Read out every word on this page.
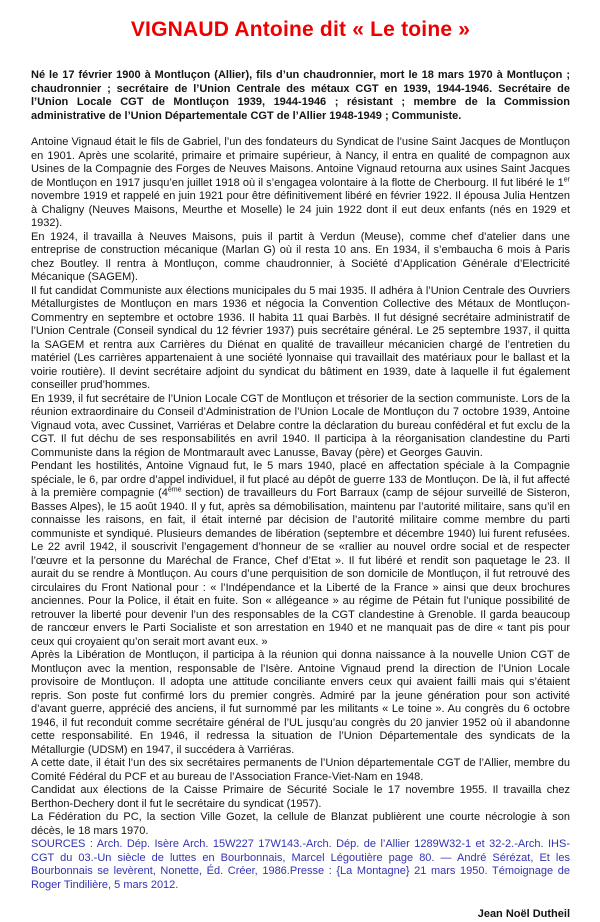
VIGNAUD Antoine dit « Le toine »

Né le 17 février 1900 à Montluçon (Allier), fils d’un chaudronnier, mort le 18 mars 1970 à Montluçon ; chaudronnier ; secrétaire de l’Union Centrale des métaux CGT en 1939, 1944-1946. Secrétaire de l’Union Locale CGT de Montluçon 1939, 1944-1946 ; résistant ; membre de la Commission administrative de l’Union Départementale CGT de l’Allier 1948-1949 ; Communiste.

Antoine Vignaud était le fils de Gabriel, l’un des fondateurs du Syndicat de l’usine Saint Jacques de Montluçon en 1901. Après une scolarité, primaire et primaire supérieur, à Nancy, il entra en qualité de compagnon aux Usines de la Compagnie des Forges de Neuves Maisons. Antoine Vignaud retourna aux usines Saint Jacques de Montluçon en 1917 jusqu’en juillet 1918 où il s’engagea volontaire à la flotte de Cherbourg. Il fut libéré le 1er novembre 1919 et rappelé en juin 1921 pour être définitivement libéré en février 1922. Il épousa Julia Hentzen à Chaligny (Neuves Maisons, Meurthe et Moselle) le 24 juin 1922 dont il eut deux enfants (nés en 1929 et 1932).

En 1924, il travailla à Neuves Maisons, puis il partit à Verdun (Meuse), comme chef d’atelier dans une entreprise de construction mécanique (Marlan G) où il resta 10 ans. En 1934, il s’embaucha 6 mois à Paris chez Boutley. Il rentra à Montluçon, comme chaudronnier, à Société d’Application Générale d’Electricité Mécanique (SAGEM).

Il fut candidat Communiste aux élections municipales du 5 mai 1935. Il adhéra à l’Union Centrale des Ouvriers Métallurgistes de Montluçon en mars 1936 et négocia la Convention Collective des Métaux de Montluçon-Commentry en septembre et octobre 1936. Il habita 11 quai Barbès. Il fut désigné secrétaire administratif de l’Union Centrale (Conseil syndical du 12 février 1937) puis secrétaire général. Le 25 septembre 1937, il quitta la SAGEM et rentra aux Carrières du Diénat en qualité de travailleur mécanicien chargé de l’entretien du matériel (Les carrières appartenaient à une société lyonnaise qui travaillait des matériaux pour le ballast et la voirie routière). Il devint secrétaire adjoint du syndicat du bâtiment en 1939, date à laquelle il fut également conseiller prud’hommes.

En 1939, il fut secrétaire de l’Union Locale CGT de Montluçon et trésorier de la section communiste. Lors de la réunion extraordinaire du Conseil d’Administration de l’Union Locale de Montluçon du 7 octobre 1939, Antoine Vignaud vota, avec Cussinet, Varriéras et Delabre contre la déclaration du bureau confédéral et fut exclu de la CGT. Il fut déchu de ses responsabilités en avril 1940. Il participa à la réorganisation clandestine du Parti Communiste dans la région de Montmarault avec Lanusse, Bavay (père) et Georges Gauvin.

Pendant les hostilités, Antoine Vignaud fut, le 5 mars 1940, placé en affectation spéciale à la Compagnie spéciale, le 6, par ordre d’appel individuel, il fut placé au dépôt de guerre 133 de Montluçon. De là, il fut affecté à la première compagnie (4ème section) de travailleurs du Fort Barraux (camp de séjour surveillé de Sisteron, Basses Alpes), le 15 août 1940. Il y fut, après sa démobilisation, maintenu par l’autorité militaire, sans qu’il en connaisse les raisons, en fait, il était interné par décision de l’autorité militaire comme membre du parti communiste et syndiqué. Plusieurs demandes de libération (septembre et décembre 1940) lui furent refusées. Le 22 avril 1942, il souscrivit l’engagement d’honneur de se «rallier au nouvel ordre social et de respecter l’œuvre et la personne du Maréchal de France, Chef d’Etat ». Il fut libéré et rendit son paquetage le 23. Il aurait du se rendre à Montluçon. Au cours d’une perquisition de son domicile de Montluçon, il fut retrouvé des circulaires du Front National pour : « l’Indépendance et la Liberté de la France » ainsi que deux brochures anciennes. Pour la Police, il était en fuite. Son « allégeance » au régime de Pétain fut l’unique possibilité de retrouver la liberté pour devenir l’un des responsables de la CGT clandestine à Grenoble. Il garda beaucoup de rancœur envers le Parti Socialiste et son arrestation en 1940 et ne manquait pas de dire « tant pis pour ceux qui croyaient qu’on serait mort avant eux. »

Après la Libération de Montluçon, il participa à la réunion qui donna naissance à la nouvelle Union CGT de Montluçon avec la mention, responsable de l’Isère. Antoine Vignaud prend la direction de l’Union Locale provisoire de Montluçon. Il adopta une attitude conciliante envers ceux qui avaient failli mais qui s’étaient repris. Son poste fut confirmé lors du premier congrès. Admiré par la jeune génération pour son activité d’avant guerre, apprécié des anciens, il fut surnommé par les militants « Le toine ». Au congrès du 6 octobre 1946, il fut reconduit comme secrétaire général de l’UL jusqu’au congrès du 20 janvier 1952 où il abandonne cette responsabilité. En 1946, il redressa la situation de l’Union Départementale des syndicats de la Métallurgie (UDSM) en 1947, il succédera à Varriéras.

A cette date, il était l’un des six secrétaires permanents de l’Union départementale CGT de l’Allier, membre du Comité Fédéral du PCF et au bureau de l’Association France-Viet-Nam en 1948.

Candidat aux élections de la Caisse Primaire de Sécurité Sociale le 17 novembre 1955. Il travailla chez Berthon-Dechery dont il fut le secrétaire du syndicat (1957).

La Fédération du PC, la section Ville Gozet, la cellule de Blanzat publièrent une courte nécrologie à son décès, le 18 mars 1970.

SOURCES : Arch. Dép. Isère Arch. 15W227 17W143.-Arch. Dép. de l’Allier 1289W32-1 et 32-2.-Arch. IHS-CGT du 03.-Un siècle de luttes en Bourbonnais, Marcel Légoutière page 80. — André Sérézat, Et les Bourbonnais se levèrent, Nonette, Éd. Créer, 1986.Presse : {La Montagne} 21 mars 1950. Témoignage de Roger Tindilière, 5 mars 2012.

Jean Noël Dutheil
